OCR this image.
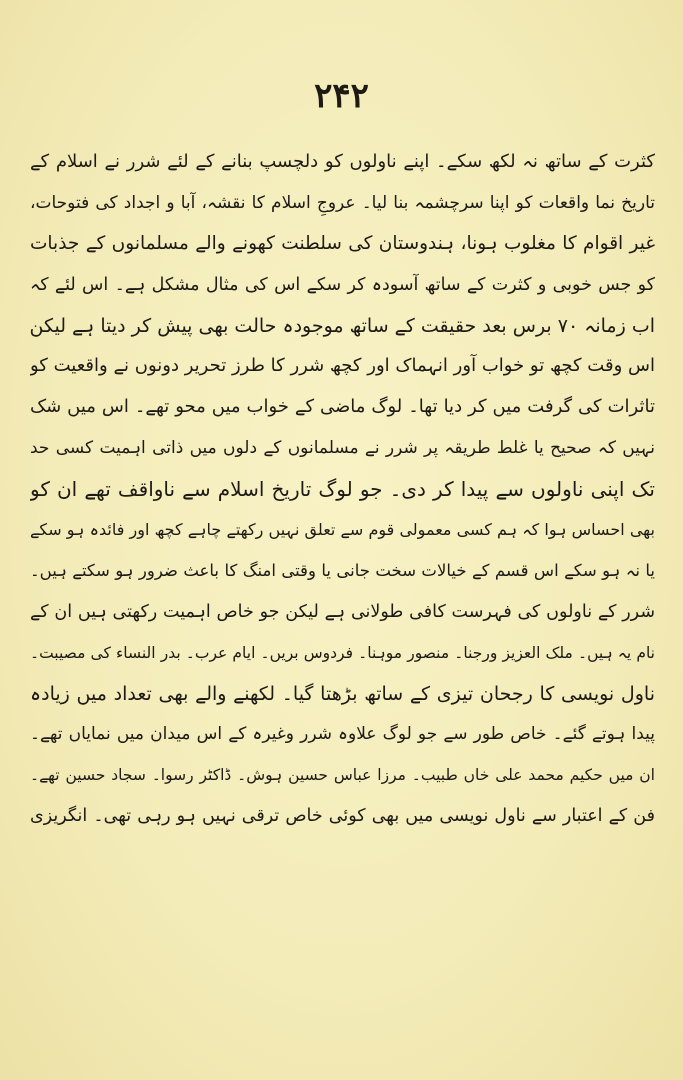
۲۴۲
کثرت کے ساتھ نہ لکھ سکے۔ اپنے ناولوں کو دلچسپ بنانے کے لئے شرر نے اسلام کے
تاریخ نما واقعات کو اپنا سرچشمہ بنا لیا۔ عروجِ اسلام کا نقشہ، آبا و اجداد کی فتوحات،
غیر اقوام کا مغلوب ہونا، ہندوستان کی سلطنت کھونے والے مسلمانوں کے جذبات
کو جس خوبی و کثرت کے ساتھ آسودہ کر سکے اس کی مثال مشکل ہے۔ اس لئے کہ
اب زمانہ ۷۰ برس بعد حقیقت کے ساتھ موجودہ حالت بھی پیش کر دیتا ہے لیکن
اس وقت کچھ تو خواب آور انہماک اور کچھ شرر کا طرز تحریر دونوں نے واقعیت کو
تاثرات کی گرفت میں کر دیا تھا۔ لوگ ماضی کے خواب میں محو تھے۔ اس میں شک
نہیں کہ صحیح یا غلط طریقہ پر شرر نے مسلمانوں کے دلوں میں ذاتی اہمیت کسی حد
تک اپنی ناولوں سے پیدا کر دی۔ جو لوگ تاریخ اسلام سے ناواقف تھے ان کو
بھی احساس ہوا کہ ہم کسی معمولی قوم سے تعلق نہیں رکھتے چاہے کچھ اور فائدہ ہو سکے
یا نہ ہو سکے اس قسم کے خیالات سخت جانی یا وقتی امنگ کا باعث ضرور ہو سکتے ہیں۔
شرر کے ناولوں کی فہرست کافی طولانی ہے لیکن جو خاص اہمیت رکھتی ہیں ان کے
نام یہ ہیں۔ ملک العزیز ورجنا۔ منصور موہنا۔ فردوس بریں۔ ایام عرب۔ بدر النساء کی مصیبت۔
ناول نویسی کا رجحان تیزی کے ساتھ بڑھتا گیا۔ لکھنے والے بھی تعداد میں زیادہ
پیدا ہوتے گئے۔ خاص طور سے جو لوگ علاوہ شرر وغیرہ کے اس میدان میں نمایاں تھے۔
ان میں حکیم محمد علی خاں طبیب۔ مرزا عباس حسین ہوش۔ ڈاکٹر رسوا۔ سجاد حسین تھے۔
فن کے اعتبار سے ناول نویسی میں بھی کوئی خاص ترقی نہیں ہو رہی تھی۔ انگریزی
